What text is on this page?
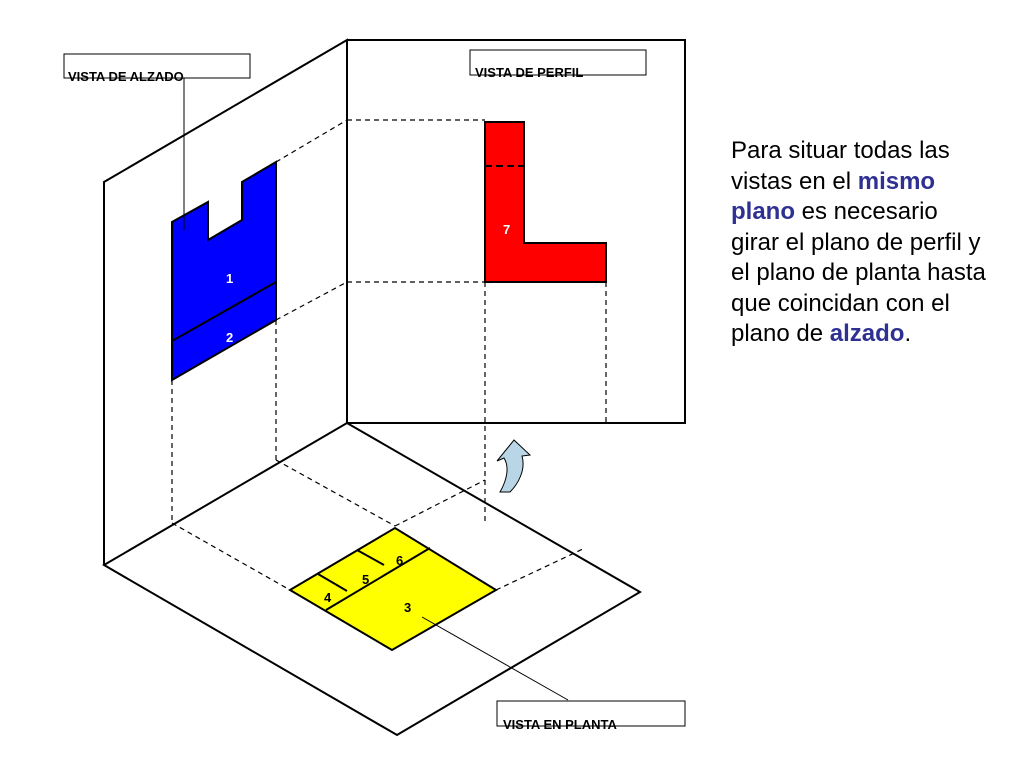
VISTA DE ALZADO	VISTA DE PERFIL
VISTA EN PLANTA
1
2
7
3
4
5
6
Para situar todas las vistas en el mismo plano es necesario girar el plano de perfil y el plano de planta hasta que coincidan con el plano de alzado.
